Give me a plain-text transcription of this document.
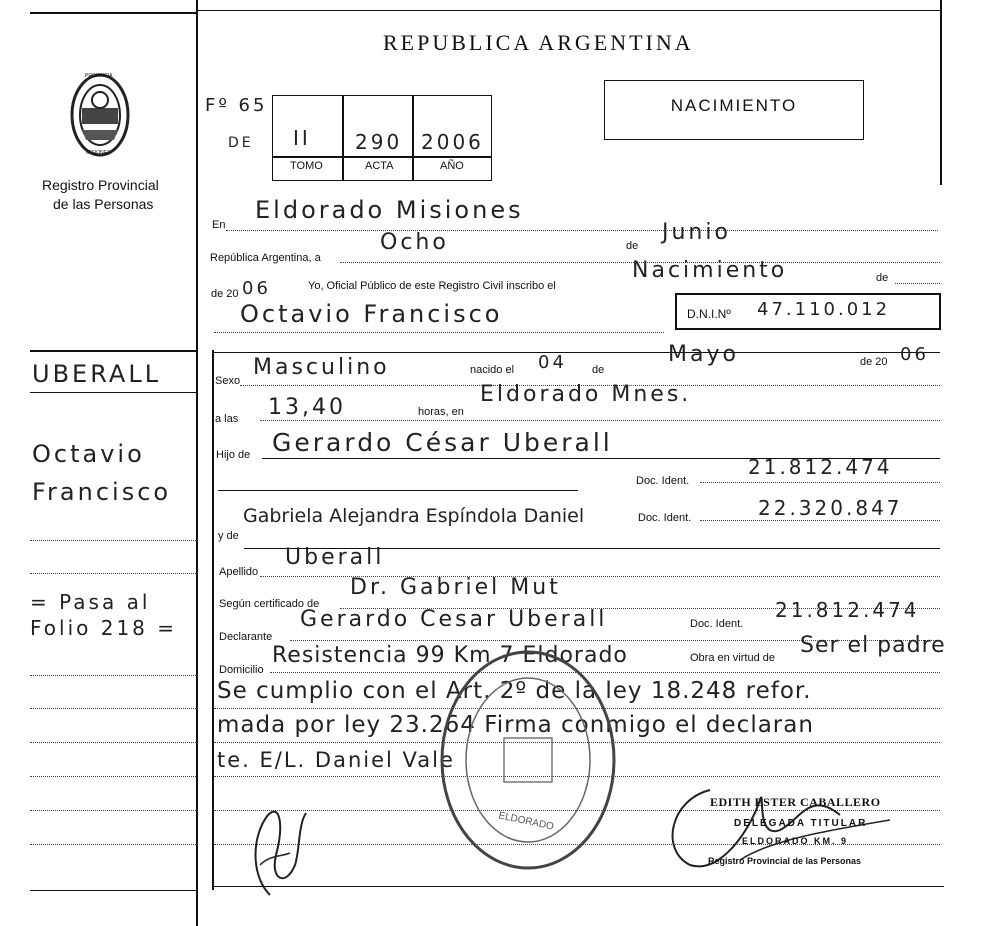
REPUBLICA ARGENTINA
PROVINCIA
MISIONES
Registro Provincial
de las Personas
Fº 65
DE II 290 2006
TOMO	ACTA	AÑO
NACIMIENTO
En
Eldorado Misiones
República Argentina, a
Ocho	de
Junio
de 20 06	Yo, Oficial Público de este Registro Civil inscribo el
Nacimiento	de
Octavio Francisco	D.N.I.Nº 47.110.012
UBERALL
Octavio
Francisco
= Pasa al
Folio 218 =
Sexo
Masculino	nacido el 04 de
Mayo	de 20 06
a las 13,40	horas, en
Eldorado Mnes.
Hijo de Gerardo César Uberall
Doc. Ident.
21.812.474
y de
Gabriela Alejandra Espíndola Daniel	Doc. Ident.	22.320.847
Apellido
Uberall
Según certificado de
Dr. Gabriel Mut
Declarante
Gerardo Cesar Uberall	Doc. Ident.
21.812.474
Domicilio
Resistencia 99 Km 7 Eldorado	Obra en virtud de Ser el padre
Se cumplio con el Art. 2º de la ley 18.248 refor.
mada por ley 23.264 Firma conmigo el declaran
te. E/L. Daniel Vale
ELDORADO
EDITH ESTER CABALLERO
DELEGADA TITULAR
ELDORADO KM. 9
Registro Provincial de las Personas
